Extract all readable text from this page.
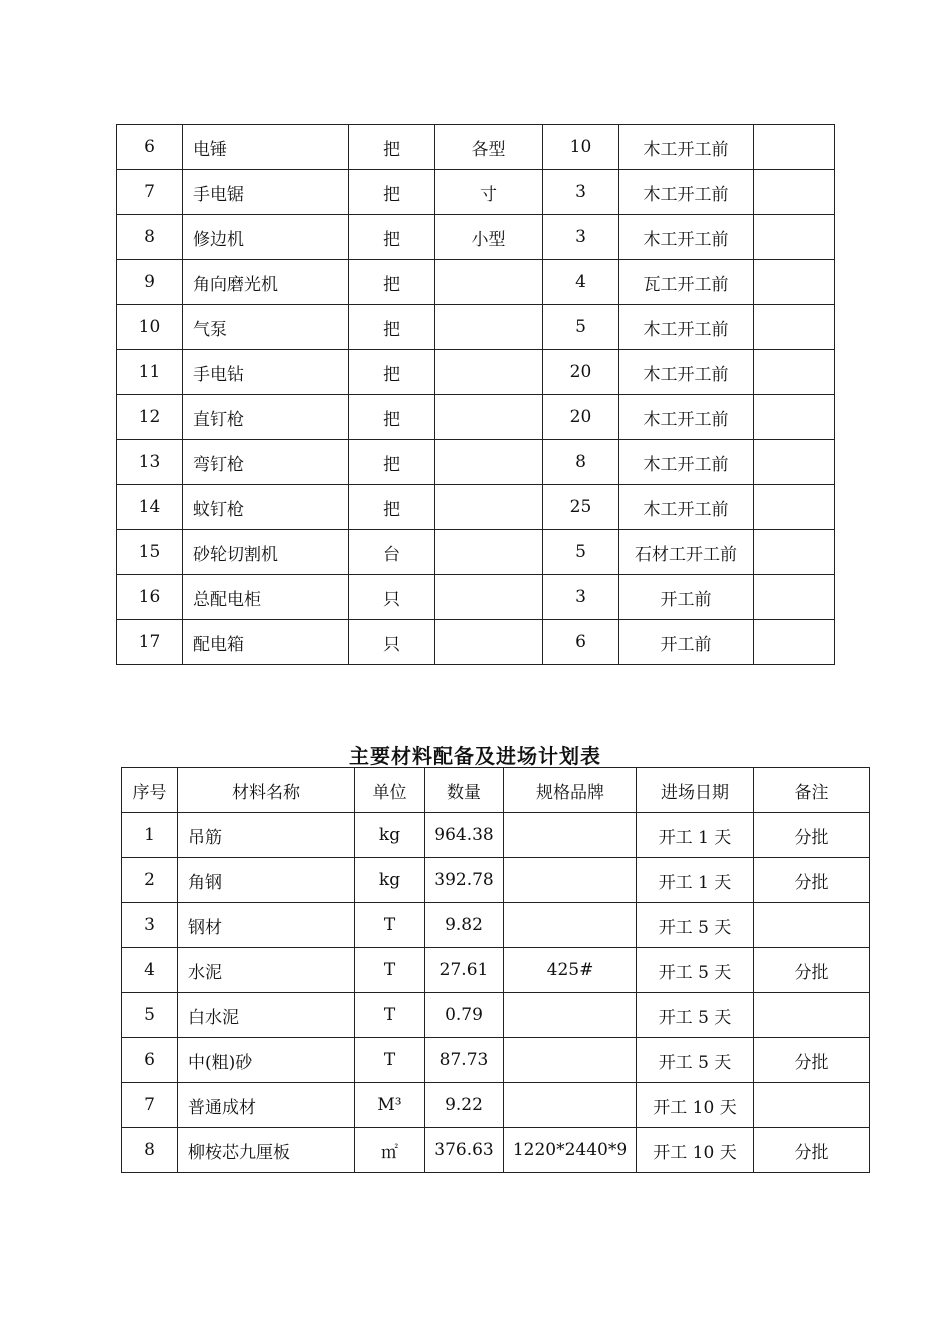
6	电锤	把	各型	10	木工开工前	
7	手电锯	把	寸	3	木工开工前	
8	修边机	把	小型	3	木工开工前	
9	角向磨光机	把		4	瓦工开工前	
10	气泵	把		5	木工开工前	
11	手电钻	把		20	木工开工前	
12	直钉枪	把		20	木工开工前	
13	弯钉枪	把		8	木工开工前	
14	蚊钉枪	把		25	木工开工前	
15	砂轮切割机	台		5	石材工开工前	
16	总配电柜	只		3	开工前	
17	配电箱	只		6	开工前	
主要材料配备及进场计划表
序号	材料名称	单位	数量	规格品牌	进场日期	备注
1	吊筋	kg	964.38		开工 1 天	分批
2	角钢	kg	392.78		开工 1 天	分批
3	钢材	T	9.82		开工 5 天	
4	水泥	T	27.61	425#	开工 5 天	分批
5	白水泥	T	0.79		开工 5 天	
6	中(粗)砂	T	87.73		开工 5 天	分批
7	普通成材	M³	9.22		开工 10 天	
8	柳桉芯九厘板	㎡	376.63	1220*2440*9	开工 10 天	分批
